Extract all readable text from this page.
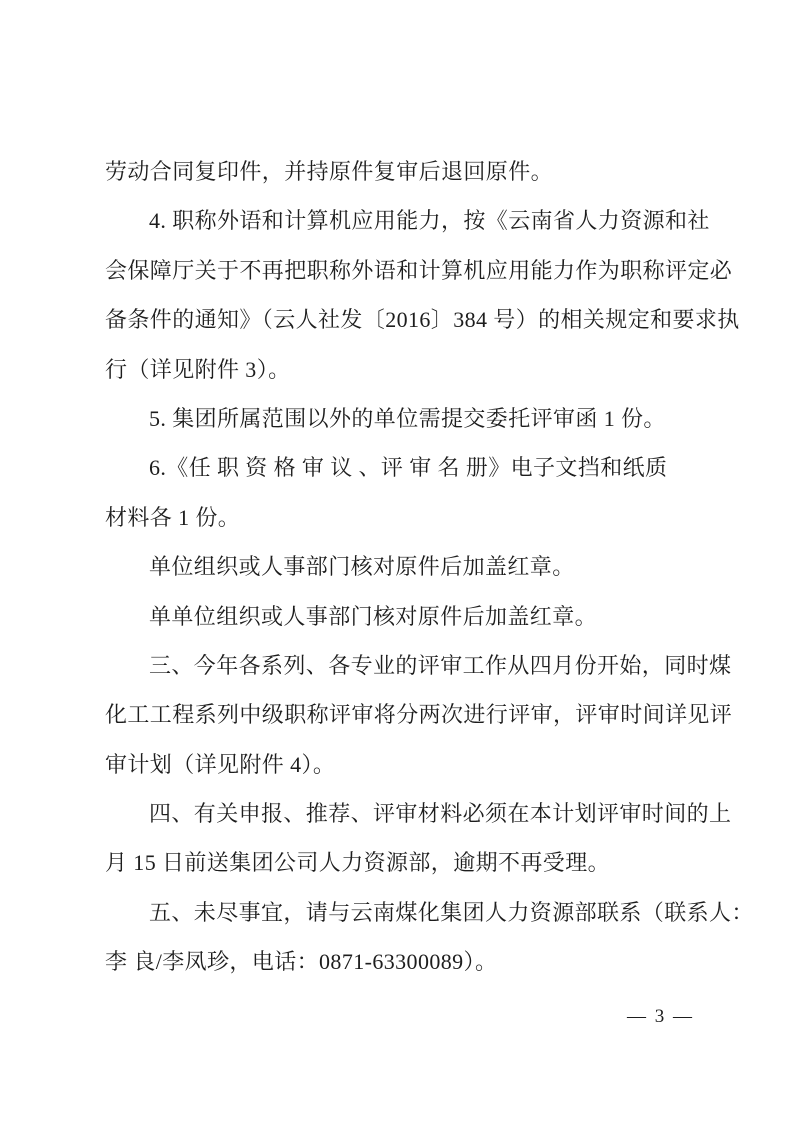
劳动合同复印件，并持原件复审后退回原件。
4. 职称外语和计算机应用能力，按《云南省人力资源和社
会保障厅关于不再把职称外语和计算机应用能力作为职称评定必
备条件的通知》（云人社发〔2016〕384 号）的相关规定和要求执
行（详见附件 3）。
5. 集团所属范围以外的单位需提交委托评审函 1 份。
6.《任 职 资 格 审 议 、评 审 名 册》电子文挡和纸质
材料各 1 份。
单位组织或人事部门核对原件后加盖红章。
单单位组织或人事部门核对原件后加盖红章。
三、今年各系列、各专业的评审工作从四月份开始，同时煤
化工工程系列中级职称评审将分两次进行评审，评审时间详见评
审计划（详见附件 4）。
四、有关申报、推荐、评审材料必须在本计划评审时间的上
月 15 日前送集团公司人力资源部，逾期不再受理。
五、未尽事宜，请与云南煤化集团人力资源部联系（联系人：
李 良/李凤珍，电话：0871-63300089）。
— 3 —
